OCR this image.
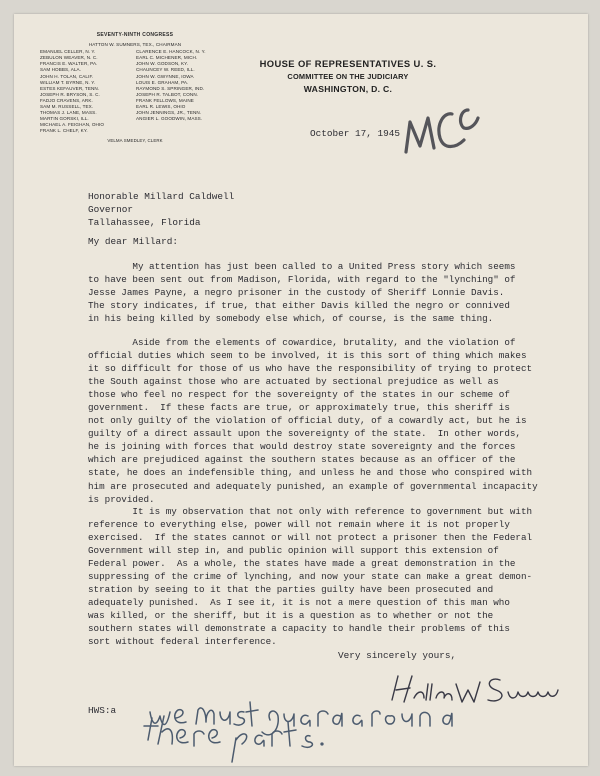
SEVENTY-NINTH CONGRESS
HATTON W. SUMNERS, TEX., CHAIRMAN
EMANUEL CELLER, N. Y.
ZEBULON WEAVER, N. C.
FRANCIS E. WALTER, PA.
SAM HOBBS, ALA.
JOHN H. TOLAN, CALIF.
WILLIAM T. BYRNE, N. Y.
ESTES KEFAUVER, TENN.
JOSEPH R. BRYSON, S. C.
FADJO CRAVENS, ARK.
SAM M. RUSSELL, TEX.
THOMAS J. LANE, MASS.
MARTIN GORSKI, ILL.
MICHAEL A. FEIGHAN, OHIO
FRANK L. CHELF, KY.
CLARENCE E. HANCOCK, N. Y.
EARL C. MICHENER, MICH.
JOHN W. GODSON, KY.
CHAUNCEY W. REED, ILL.
JOHN W. GWYNNE, IOWA
LOUIS E. GRAHAM, PA.
RAYMOND S. SPRINGER, IND.
JOSEPH R. TALBOT, CONN.
FRANK FELLOWS, MAINE
EARL R. LEWIS, OHIO
JOHN JENNINGS, JR., TENN.
ANGIER L. GOODWIN, MASS.
VELMA SMEDLEY, CLERK
HOUSE OF REPRESENTATIVES U. S.
COMMITTEE ON THE JUDICIARY
WASHINGTON, D. C.
October 17, 1945
Honorable Millard Caldwell
Governor
Tallahassee, Florida
My dear Millard:
My attention has just been called to a United Press story which seems
to have been sent out from Madison, Florida, with regard to the "lynching" of
Jesse James Payne, a negro prisoner in the custody of Sheriff Lonnie Davis.
The story indicates, if true, that either Davis killed the negro or connived
in his being killed by somebody else which, of course, is the same thing.
Aside from the elements of cowardice, brutality, and the violation of
official duties which seem to be involved, it is this sort of thing which makes
it so difficult for those of us who have the responsibility of trying to protect
the South against those who are actuated by sectional prejudice as well as
those who feel no respect for the sovereignty of the states in our scheme of
government.  If these facts are true, or approximately true, this sheriff is
not only guilty of the violation of official duty, of a cowardly act, but he is
guilty of a direct assault upon the sovereignty of the state.  In other words,
he is joining with forces that would destroy state sovereignty and the forces
which are prejudiced against the southern states because as an officer of the
state, he does an indefensible thing, and unless he and those who conspired with
him are prosecuted and adequately punished, an example of governmental incapacity
is provided.
It is my observation that not only with reference to government but with
reference to everything else, power will not remain where it is not properly
exercised.  If the states cannot or will not protect a prisoner then the Federal
Government will step in, and public opinion will support this extension of
Federal power.  As a whole, the states have made a great demonstration in the
suppressing of the crime of lynching, and now your state can make a great demon-
stration by seeing to it that the parties guilty have been prosecuted and
adequately punished.  As I see it, it is not a mere question of this man who
was killed, or the sheriff, but it is a question as to whether or not the
southern states will demonstrate a capacity to handle their problems of this
sort without federal interference.
Very sincerely yours,
HWS:a
